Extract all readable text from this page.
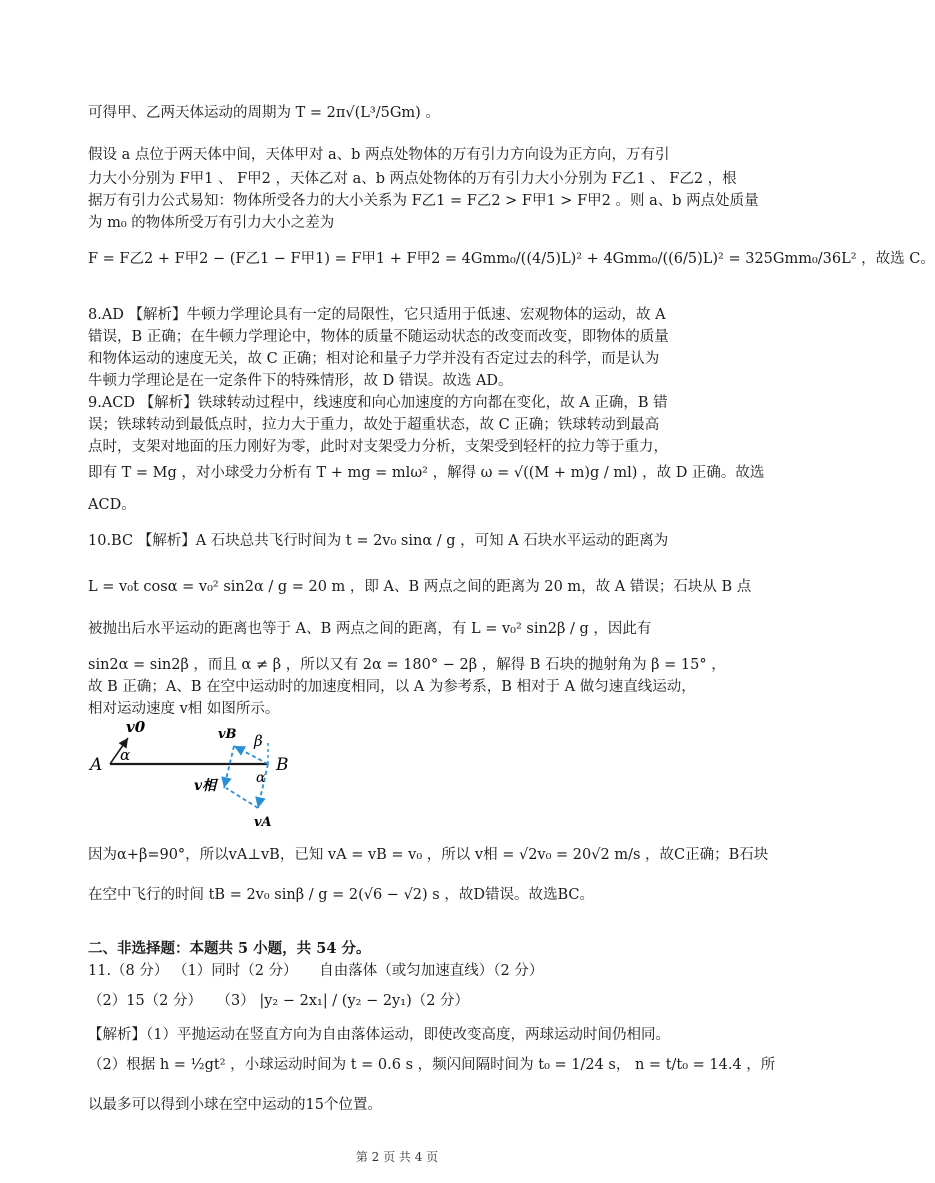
可得甲、乙两天体运动的周期为 T = 2π√(L³/5Gm) 。
假设 a 点位于两天体中间，天体甲对 a、b 两点处物体的万有引力方向设为正方向，万有引
力大小分别为 F甲1 、 F甲2 ，天体乙对 a、b 两点处物体的万有引力大小分别为 F乙1 、 F乙2 ，根
据万有引力公式易知：物体所受各力的大小关系为 F乙1 = F乙2 > F甲1 > F甲2 。则 a、b 两点处质量
为 m₀ 的物体所受万有引力大小之差为
F = F乙2 + F甲2 − (F乙1 − F甲1) = F甲1 + F甲2 = 4Gmm₀/((4/5)L)² + 4Gmm₀/((6/5)L)² = 325Gmm₀/36L² ，故选 C。
8.AD 【解析】牛顿力学理论具有一定的局限性，它只适用于低速、宏观物体的运动，故 A
错误，B 正确；在牛顿力学理论中，物体的质量不随运动状态的改变而改变，即物体的质量
和物体运动的速度无关，故 C 正确；相对论和量子力学并没有否定过去的科学，而是认为
牛顿力学理论是在一定条件下的特殊情形，故 D 错误。故选 AD。
9.ACD 【解析】铁球转动过程中，线速度和向心加速度的方向都在变化，故 A 正确，B 错
误；铁球转动到最低点时，拉力大于重力，故处于超重状态，故 C 正确；铁球转动到最高
点时，支架对地面的压力刚好为零，此时对支架受力分析，支架受到轻杆的拉力等于重力，
即有 T = Mg ，对小球受力分析有 T + mg = mlω² ，解得 ω = √((M + m)g / ml) ，故 D 正确。故选
ACD。
10.BC 【解析】A 石块总共飞行时间为 t = 2v₀ sinα / g ，可知 A 石块水平运动的距离为
L = v₀t cosα = v₀² sin2α / g = 20 m ，即 A、B 两点之间的距离为 20 m，故 A 错误；石块从 B 点
被抛出后水平运动的距离也等于 A、B 两点之间的距离，有 L = v₀² sin2β / g ，因此有
sin2α = sin2β ，而且 α ≠ β ，所以又有 2α = 180° − 2β ，解得 B 石块的抛射角为 β = 15° ，
故 B 正确；A、B 在空中运动时的加速度相同，以 A 为参考系，B 相对于 A 做匀速直线运动，
相对运动速度 v相 如图所示。
v0
α
A
vB β
B
α
v相
vA
因为α+β=90°，所以vA⊥vB，已知 vA = vB = v₀ ，所以 v相 = √2v₀ = 20√2 m/s ，故C正确；B石块
在空中飞行的时间 tB = 2v₀ sinβ / g = 2(√6 − √2) s ，故D错误。故选BC。
二、非选择题：本题共 5 小题，共 54 分。
11.（8 分） （1）同时（2 分）　　自由落体（或匀加速直线）（2 分）
（2）15（2 分）　　（3） |y₂ − 2x₁| / (y₂ − 2y₁)（2 分）
【解析】（1）平抛运动在竖直方向为自由落体运动，即使改变高度，两球运动时间仍相同。
（2）根据 h = ½gt² ，小球运动时间为 t = 0.6 s ，频闪间隔时间为 t₀ = 1/24 s， n = t/t₀ = 14.4 ，所
以最多可以得到小球在空中运动的15个位置。
第 2 页 共 4 页
